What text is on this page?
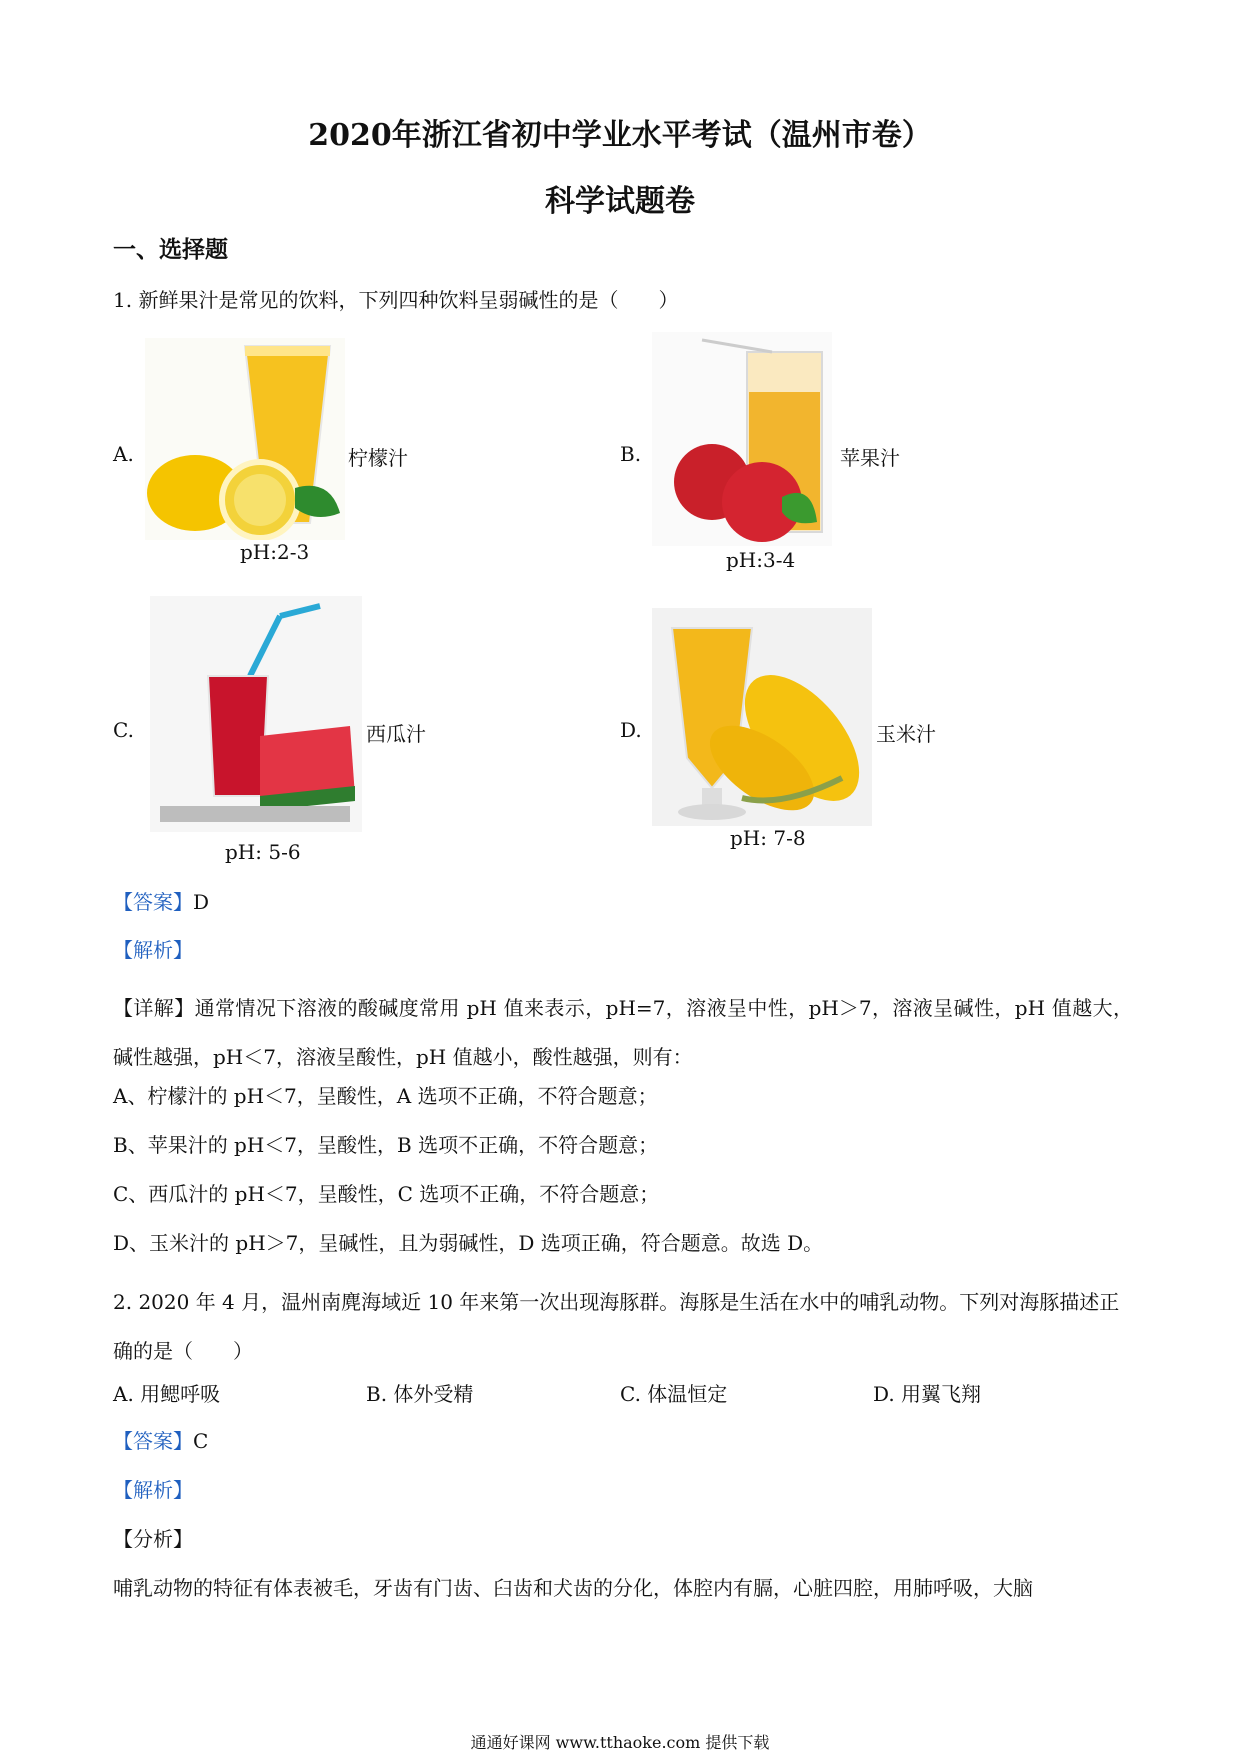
2020年浙江省初中学业水平考试（温州市卷）
科学试题卷
一、选择题
1. 新鲜果汁是常见的饮料，下列四种饮料呈弱碱性的是（　　）
A.	柠檬汁
pH:2-3
B.	苹果汁
pH:3-4
C.	西瓜汁
pH: 5-6
D.	玉米汁
pH: 7-8
【答案】D
【解析】
【详解】通常情况下溶液的酸碱度常用 pH 值来表示，pH=7，溶液呈中性，pH＞7，溶液呈碱性，pH 值越大，碱性越强，pH＜7，溶液呈酸性，pH 值越小，酸性越强，则有：
A、柠檬汁的 pH＜7，呈酸性，A 选项不正确，不符合题意；
B、苹果汁的 pH＜7，呈酸性，B 选项不正确，不符合题意；
C、西瓜汁的 pH＜7，呈酸性，C 选项不正确，不符合题意；
D、玉米汁的 pH＞7，呈碱性，且为弱碱性，D 选项正确，符合题意。故选 D。
2. 2020 年 4 月，温州南麂海域近 10 年来第一次出现海豚群。海豚是生活在水中的哺乳动物。下列对海豚描述正确的是（　　）
A. 用鳃呼吸	B. 体外受精	C. 体温恒定	D. 用翼飞翔
【答案】C
【解析】
【分析】
哺乳动物的特征有体表被毛，牙齿有门齿、臼齿和犬齿的分化，体腔内有膈，心脏四腔，用肺呼吸，大脑
通通好课网 www.tthaoke.com 提供下载
